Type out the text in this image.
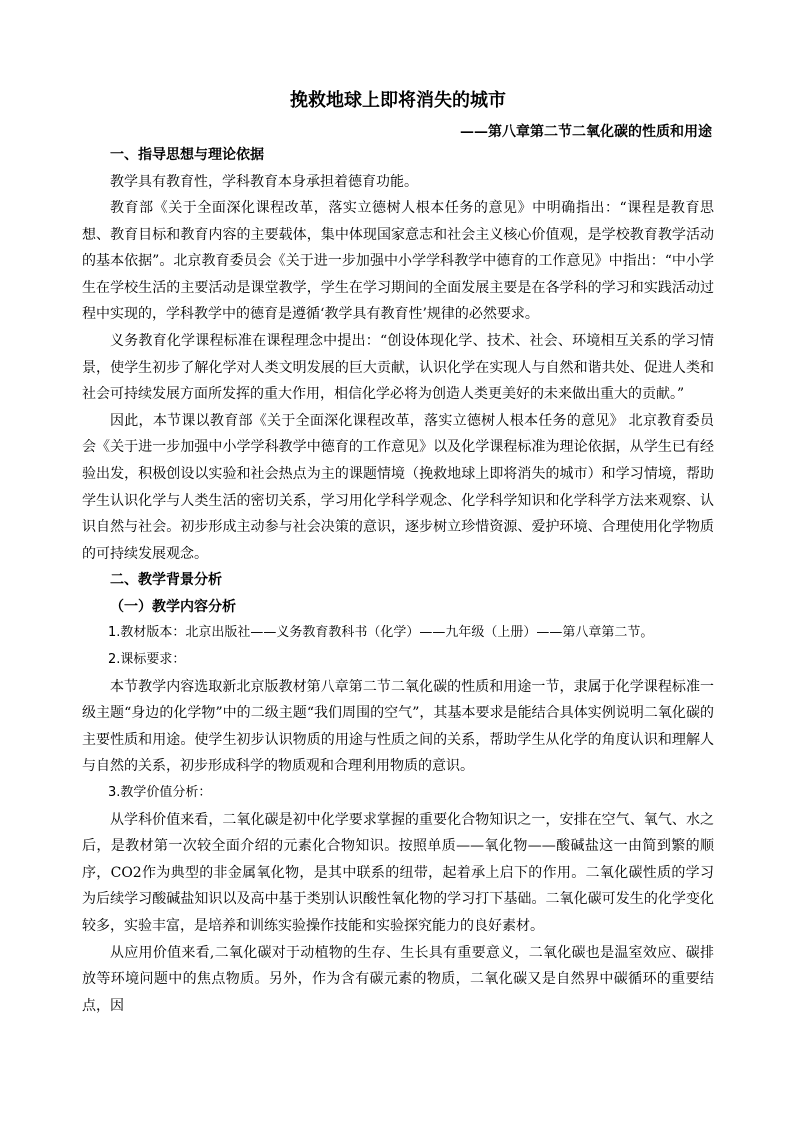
挽救地球上即将消失的城市
——第八章第二节二氧化碳的性质和用途
一、指导思想与理论依据

教学具有教育性，学科教育本身承担着德育功能。

教育部《关于全面深化课程改革，落实立德树人根本任务的意见》中明确指出：“课程是教育思想、教育目标和教育内容的主要载体，集中体现国家意志和社会主义核心价值观，是学校教育教学活动的基本依据”。北京教育委员会《关于进一步加强中小学学科教学中德育的工作意见》中指出：“中小学生在学校生活的主要活动是课堂教学，学生在学习期间的全面发展主要是在各学科的学习和实践活动过程中实现的，学科教学中的德育是遵循‘教学具有教育性’规律的必然要求。

义务教育化学课程标准在课程理念中提出：“创设体现化学、技术、社会、环境相互关系的学习情景，使学生初步了解化学对人类文明发展的巨大贡献，认识化学在实现人与自然和谐共处、促进人类和社会可持续发展方面所发挥的重大作用，相信化学必将为创造人类更美好的未来做出重大的贡献。”

因此，本节课以教育部《关于全面深化课程改革，落实立德树人根本任务的意见》 北京教育委员会《关于进一步加强中小学学科教学中德育的工作意见》以及化学课程标准为理论依据，从学生已有经验出发，积极创设以实验和社会热点为主的课题情境（挽救地球上即将消失的城市）和学习情境，帮助学生认识化学与人类生活的密切关系，学习用化学科学观念、化学科学知识和化学科学方法来观察、认识自然与社会。初步形成主动参与社会决策的意识，逐步树立珍惜资源、爱护环境、合理使用化学物质的可持续发展观念。

二、教学背景分析
（一）教学内容分析

1.教材版本：北京出版社——义务教育教科书（化学）——九年级（上册）——第八章第二节。

2.课标要求：

本节教学内容选取新北京版教材第八章第二节二氧化碳的性质和用途一节，隶属于化学课程标准一级主题“身边的化学物”中的二级主题“我们周围的空气”，其基本要求是能结合具体实例说明二氧化碳的主要性质和用途。使学生初步认识物质的用途与性质之间的关系，帮助学生从化学的角度认识和理解人与自然的关系，初步形成科学的物质观和合理利用物质的意识。

3.教学价值分析：

从学科价值来看，二氧化碳是初中化学要求掌握的重要化合物知识之一，安排在空气、氧气、水之后，是教材第一次较全面介绍的元素化合物知识。按照单质——氧化物——酸碱盐这一由简到繁的顺序，CO2作为典型的非金属氧化物，是其中联系的纽带，起着承上启下的作用。二氧化碳性质的学习为后续学习酸碱盐知识以及高中基于类别认识酸性氧化物的学习打下基础。二氧化碳可发生的化学变化较多，实验丰富，是培养和训练实验操作技能和实验探究能力的良好素材。

从应用价值来看,二氧化碳对于动植物的生存、生长具有重要意义，二氧化碳也是温室效应、碳排放等环境问题中的焦点物质。另外，作为含有碳元素的物质，二氧化碳又是自然界中碳循环的重要结点，因
